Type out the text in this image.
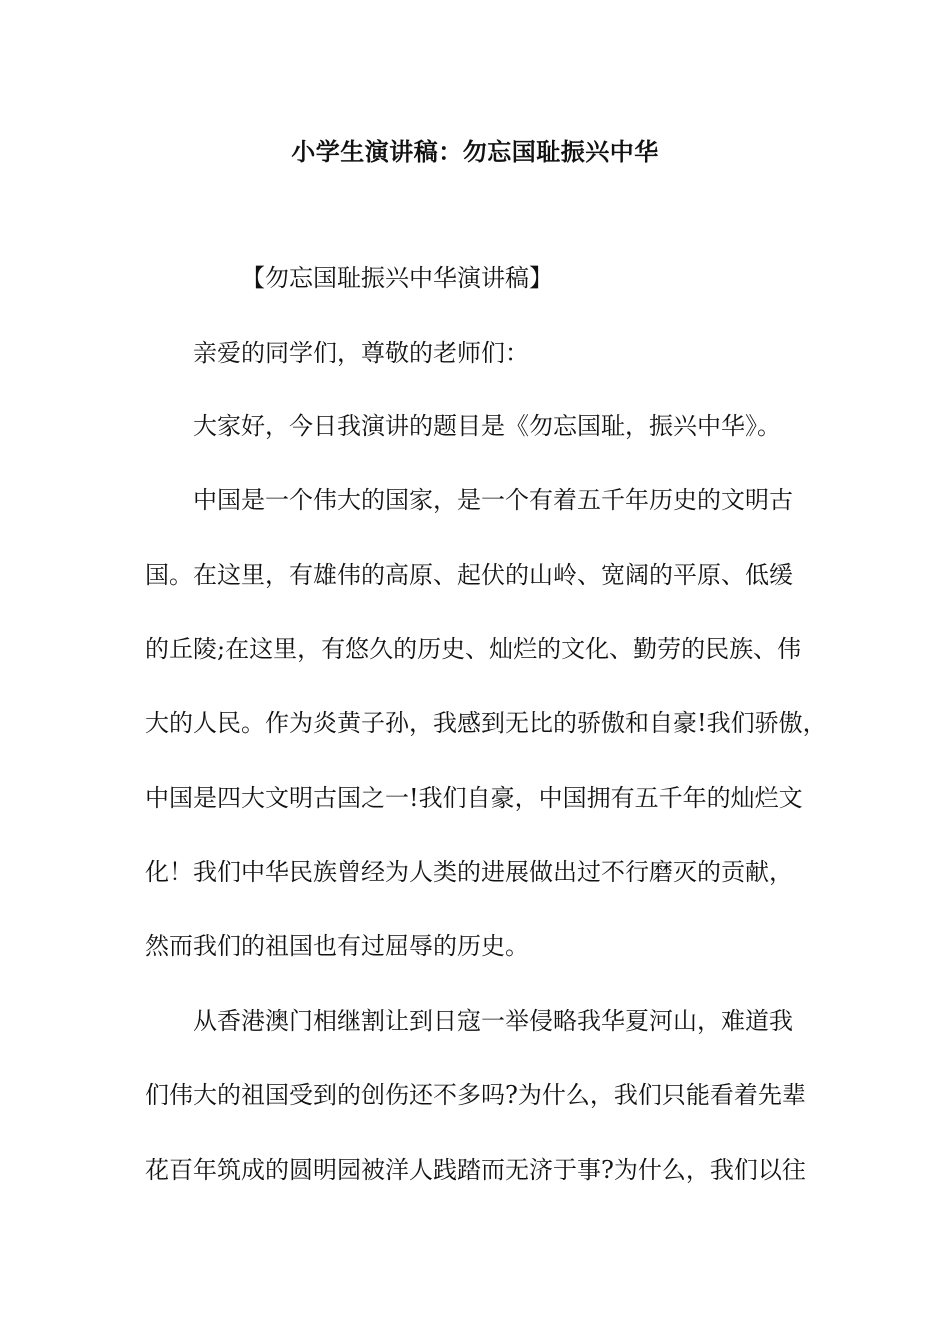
小学生演讲稿：勿忘国耻振兴中华
【勿忘国耻振兴中华演讲稿】
亲爱的同学们，尊敬的老师们：
大家好，今日我演讲的题目是《勿忘国耻，振兴中华》。
中国是一个伟大的国家，是一个有着五千年历史的文明古
国。在这里，有雄伟的高原、起伏的山岭、宽阔的平原、低缓
的丘陵;在这里，有悠久的历史、灿烂的文化、勤劳的民族、伟
大的人民。作为炎黄子孙，我感到无比的骄傲和自豪!我们骄傲，
中国是四大文明古国之一!我们自豪，中国拥有五千年的灿烂文
化！我们中华民族曾经为人类的进展做出过不行磨灭的贡献，
然而我们的祖国也有过屈辱的历史。
从香港澳门相继割让到日寇一举侵略我华夏河山，难道我
们伟大的祖国受到的创伤还不多吗?为什么，我们只能看着先辈
花百年筑成的圆明园被洋人践踏而无济于事?为什么，我们以往
